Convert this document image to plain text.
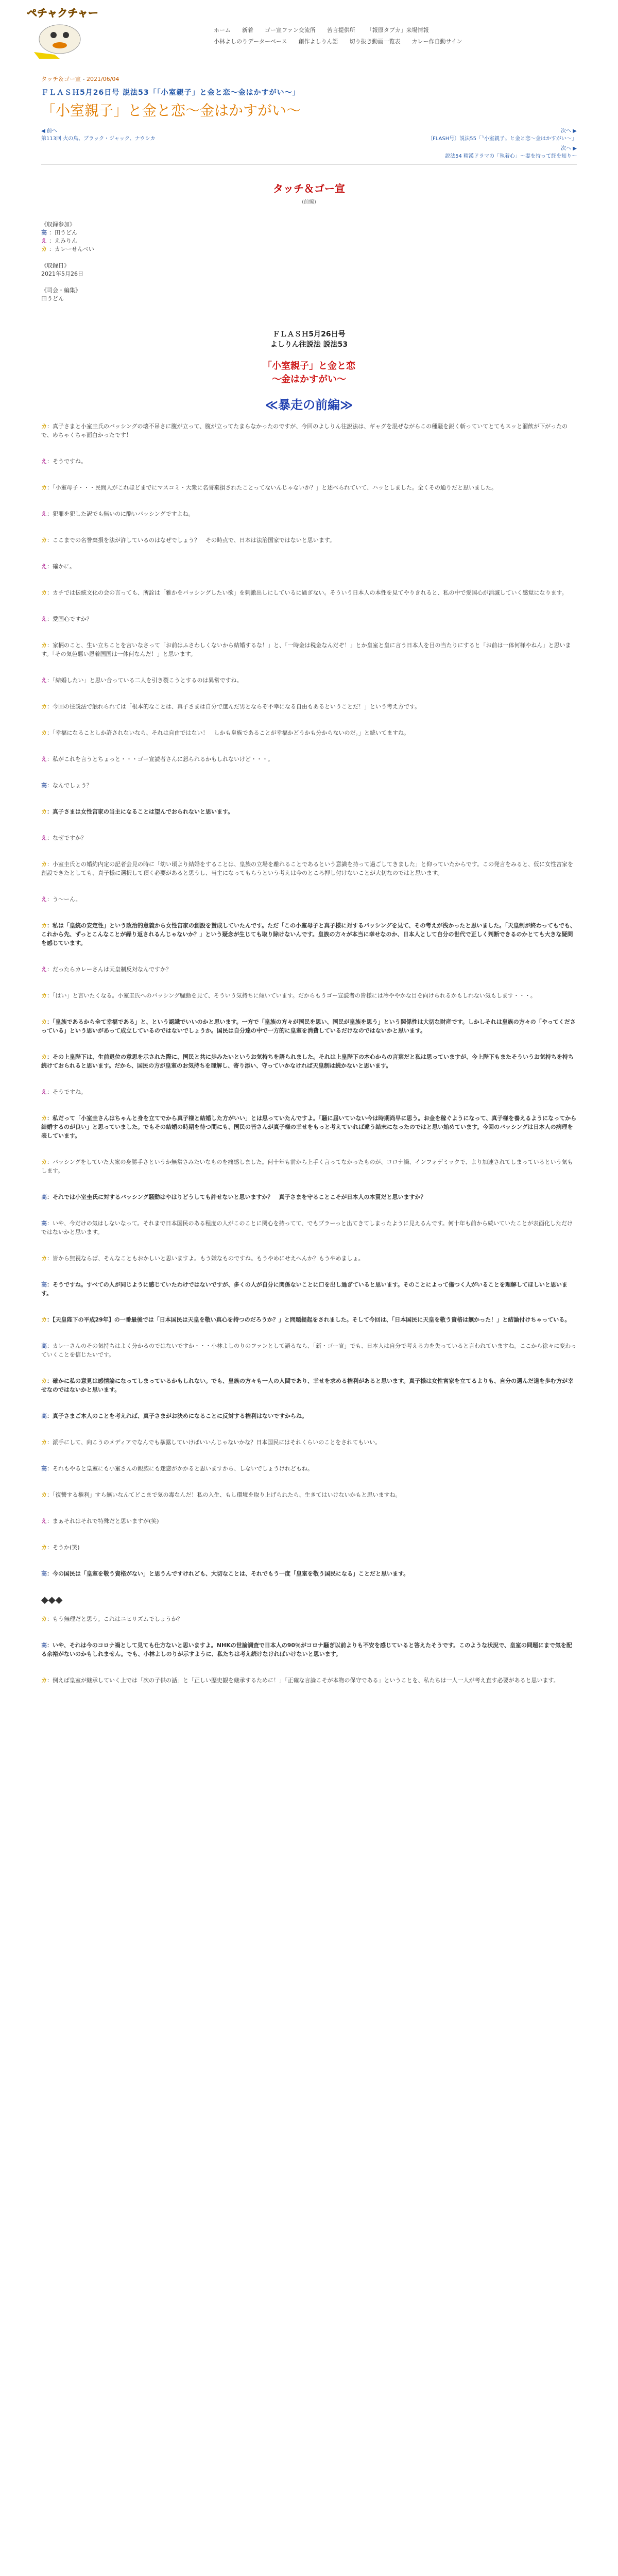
ペチャクチャー
ホーム 新着 ゴー宣ファン交流所 苦言提供所 「報原タブカ」来場情報
小林よしのりデーターベース 創作よしりん語 切り抜き動画一覧表 カレー作自動サイン
タッチ＆ゴー宣 - 2021/06/04
ＦＬＡＳＨ5月26日号 説法53「「小室親子」と金と恋～金はかすがい～」
「小室親子」と金と恋～金はかすがい～
◀ 前へ
第113回 火の鳥、ブラック・ジャック、ナウシカ
次へ ▶
〔FLASH号〕説法55「〝小室親子〟と金と恋～金はかすがい～」
次へ ▶
説法54 精漢ドラマの「執着心」～妻を持って終を知り～
タッチ＆ゴー宣
(前編)
《収録参加》
高 ：田うどん
え ：えみりん
カ ：カレーせんべい

《収録日》
2021年5月26日

《司会・編集》
田うどん
ＦＬＡＳＨ5月26日号
よしりん往説法 説法53
「小室親子」と金と恋
～金はかすがい～
≪暴走の前編≫
カ：真子さまと小室圭氏のバッシングの壊不吊さに腹が立って、腹が立ってたまらなかったのですが、今回のよしりん往説法は、ギャグを混ぜながらこの種騒を鋭く斬っていてとてもスッと溜飲が下がったので、めちゃくちゃ面白かったです！
え：そうですね。
カ：「小室母子・・・民間人がこれほどまでにマスコミ・大衆に名誉棄損されたことってないんじゃないか？」と述べられていて、ハッとしました。全くその通りだと思いました。
え：犯罪を犯した訳でも無いのに酷いバッシングですよね。
カ：ここまでの名誉棄損を法が許しているのはなぜでしょう？　その時点で、日本は法治国家ではないと思います。
え：確かに。
カ：カチでは伝統文化の会の言っても、所詮は「雅かをバッシングしたい欲」を刺激出しにしているに過ぎない。そういう日本人の本性を見てやりきれると、私の中で愛国心が消滅していく感覚になります。
え：愛国心ですか？
カ：家柄のこと、生い立ちことを言いなさって「お前はふさわしくないから結婚するな！」と、「一時金は税金なんだぞ！」とか皇室と皇に言う日本人を目の当たりにすると「お前は一体何様やねん」と思います。「その気色悪い恩着国国は一体何なんだ！」と思います。
え：「結婚したい」と思い合っている二人を引き裂こうとするのは異常ですね。
カ：今回の往説法で触れられては「根本的なことは、真子さまは自分で選んだ男とならぞ不幸になる自由もあるということだ！」という考え方です。
カ：「幸福になることしか許されないなら、それは自由ではない！　しかも皇族であることが幸福かどうかも分からないのだ。」と続いてますね。
え：私がこれを言うとちょっと・・・ゴー宣読者さんに怒られるかもしれないけど・・・。
高：なんでしょう？
カ：真子さまは女性宮家の当主になることは望んでおられないと思います。
え：なぜですか？
カ：小室圭氏との婚約内定の記者会見の時に「幼い頃より結婚をすることは、皇族の立場を離れることであるという意識を持って過ごしてきました」と仰っていたからです。この発言をみると、仮に女性宮家を創設できたとしても、真子様に選択して頂く必要があると思うし、当主になってもらうという考えは今のところ押し付けないことが大切なのではと思います。
え：う～ーん。
カ：私は「皇統の安定性」という政治的意義から女性宮家の創設を賛成していたんです。ただ「この小室母子と真子様に対するバッシングを見て、その考えが浅かったと思いました。「天皇制が終わってもでも、これから先、ずっとこんなことが繰り返されるんじゃないか？」という疑念が生じても取り除けないんです。皇族の方々が本当に幸せなのか、日本人として自分の世代で正しく判断できるのかとても大きな疑問を感じています。
え：だったらカレーさんは天皇制反対なんですか？
カ：「はい」と言いたくなる。小室圭氏へのバッシング騒動を見て、そういう気持ちに傾いています。だからもうゴー宣読者の皆様には冷ややかな目を向けられるかもしれない気もします・・・。
カ：「皇族であるから全て幸福である」と、という認識でいいのかと思います。一方で「皇族の方々が国民を思い、国民が皇族を思う」という関係性は大切な財産です。しかしそれは皇族の方々の「やってくださっている」という思いがあって成立しているのではないでしょうか。国民は自分達の中で一方的に皇室を消費しているだけなのではないかと思います。
カ：その上皇陛下は、生前退位の意思を示された際に、国民と共に歩みたいというお気持ちを語られました。それは上皇陛下の本心からの言葉だと私は思っていますが、今上陛下もまたそういうお気持ちを持ち続けておられると思います。だから、国民の方が皇室のお気持ちを理解し、寄り添い、守っていかなければ天皇制は続かないと思います。
え：そうですね。
カ：私だって「小室圭さんはちゃんと身を立てでから真子様と結婚した方がいい」とは思っていたんですよ。「騒に届いていない今は時期尚早に思う。お金を稼ぐようになって、真子様を養えるようになってから結婚するのが良い」と思っていました。でもその結婚の時期を待つ間にも、国民の皆さんが真子様の幸せをもっと考えていれば違う結末になったのではと思い始めています。今回のバッシングは日本人の病理を表しています。
カ：バッシングをしていた大衆の身勝手さというか無常さみたいなものを痛感しました。何十年も前から上手く言ってなかったものが、コロナ禍、インフォデミックで、より加速されてしまっているという気もします。
高：それでは小室圭氏に対するバッシング騒動はやはりどうしても許せないと思いますか？　真子さまを守ることこそが日本人の本質だと思いますか？
高：いや、今だけの気はしないなって。それまで日本国民のある程度の人がこのことに関心を持ってて、でもブラーっと出てきてしまったように見えるんです。何十年も前から続いていたことが表面化しただけではないかと思います。
カ：皆から無視ならば、そんなこともおかしいと思いますよ。もう嫌なものですね。もうやめにせえへんか？もうやめましょ。
高：そうですね。すべての人が同じように感じていたわけではないですが、多くの人が自分に関係ないことに口を出し過ぎていると思います。そのことによって傷つく人がいることを理解してほしいと思います。
カ：【天皇陛下の平成29年】の一番最後では「日本国民は天皇を敬い真心を持つのだろうか？」と問題提起をされました。そして今回は、「日本国民に天皇を敬う資格は無かった！」と結論付けちゃっている。
高：カレーさんのその気持ちはよく分かるのではないですか・・・小林よしのりのファンとして語るなら、「新・ゴー宣」でも、日本人は自分で考える力を失っていると言われていますね。ここから徐々に変わっていくことを信じたいです。
カ：確かに私の意見は感情論になってしまっているかもしれない。でも、皇族の方々も一人の人間であり、幸せを求める権利があると思います。真子様は女性宮家を立てるよりも、自分の選んだ道を歩む方が幸せなのではないかと思います。
高：真子さまご本人のことを考えれば、真子さまがお決めになることに反対する権利はないですからね。
カ：派手にして、向こうのメディアでなんでも暴露していけばいいんじゃないかな？日本国民にはそれくらいのことをされてもいい。
高：それもやると皇室にも小室さんの親族にも迷惑がかかると思いますから、しないでしょうけれどもね。
カ：「復讐する権利」すら無いなんてどこまで気の毒なんだ！私の入生、もし環境を取り上げられたら、生きてはいけないかもと思いますね。
え：まぁそれはそれで特殊だと思いますが(笑)
カ：そうか(笑)
高：今の国民は「皇室を敬う資格がない」と思うんですけれども、大切なことは、それでもう一度「皇室を敬う国民になる」ことだと思います。
◆◆◆
カ：もう無理だと思う。これはニヒリズムでしょうか？
高：いや、それは今のコロナ禍として見ても仕方ないと思いますよ。NHKの世論調査で日本人の90％がコロナ騒ぎ以前よりも不安を感じていると答えたそうです。このような状況で、皇室の問題にまで気を配る余裕がないのかもしれません。でも、小林よしのりが示すように、私たちは考え続けなければいけないと思います。
カ：例えば皇室が継承していく上では「次の子供の話」と「正しい歴史観を継承するために！」「正確な言論こそが本物の保守である」ということを、私たちは一人一人が考え直す必要があると思います。
